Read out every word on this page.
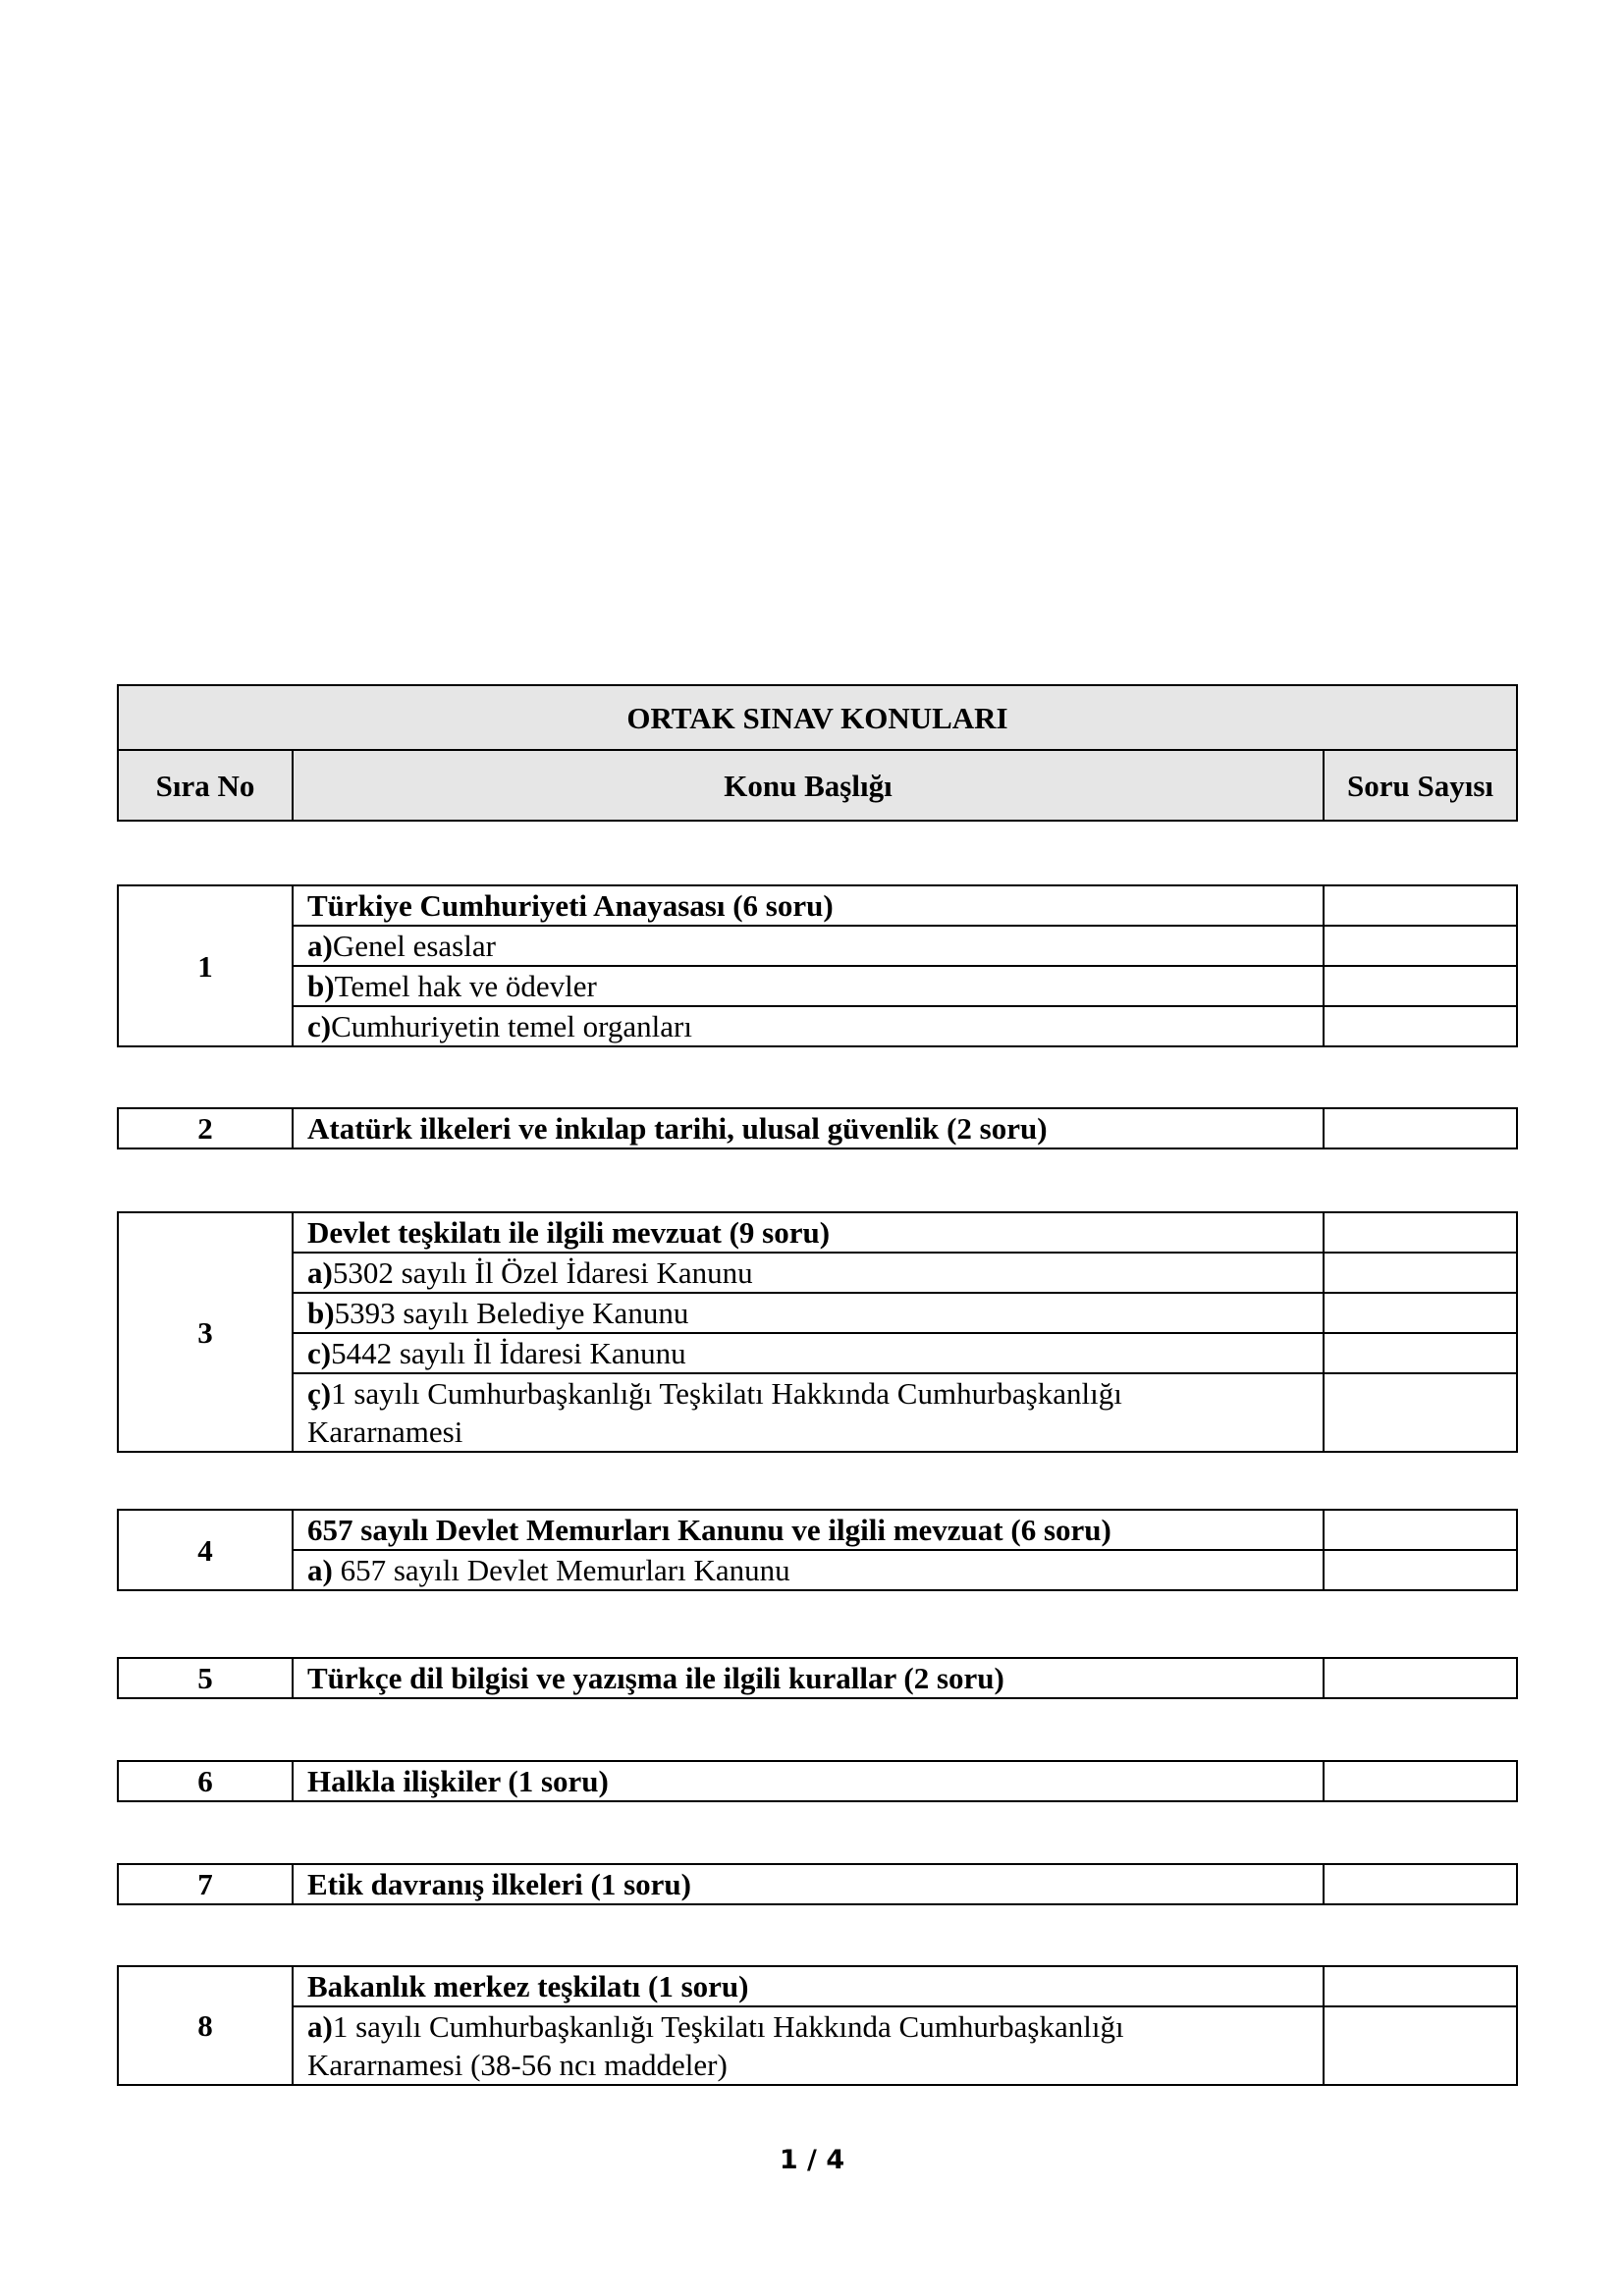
ORTAK SINAV KONULARI
Sıra No	Konu Başlığı	Soru Sayısı
1	Türkiye Cumhuriyeti Anayasası (6 soru)	
	a)Genel esaslar	
	b)Temel hak ve ödevler	
	c)Cumhuriyetin temel organları	
2	Atatürk ilkeleri ve inkılap tarihi, ulusal güvenlik (2 soru)	
3	Devlet teşkilatı ile ilgili mevzuat (9 soru)	
	a)5302 sayılı İl Özel İdaresi Kanunu	
	b)5393 sayılı Belediye Kanunu	
	c)5442 sayılı İl İdaresi Kanunu	
	ç)1 sayılı Cumhurbaşkanlığı Teşkilatı Hakkında Cumhurbaşkanlığı
Kararnamesi	
4	657 sayılı Devlet Memurları Kanunu ve ilgili mevzuat (6 soru)	
	a) 657 sayılı Devlet Memurları Kanunu	
5	Türkçe dil bilgisi ve yazışma ile ilgili kurallar (2 soru)	
6	Halkla ilişkiler (1 soru)	
7	Etik davranış ilkeleri (1 soru)	
8	Bakanlık merkez teşkilatı (1 soru)	
	a)1 sayılı Cumhurbaşkanlığı Teşkilatı Hakkında Cumhurbaşkanlığı
Kararnamesi (38-56 ncı maddeler)	
1 / 4
